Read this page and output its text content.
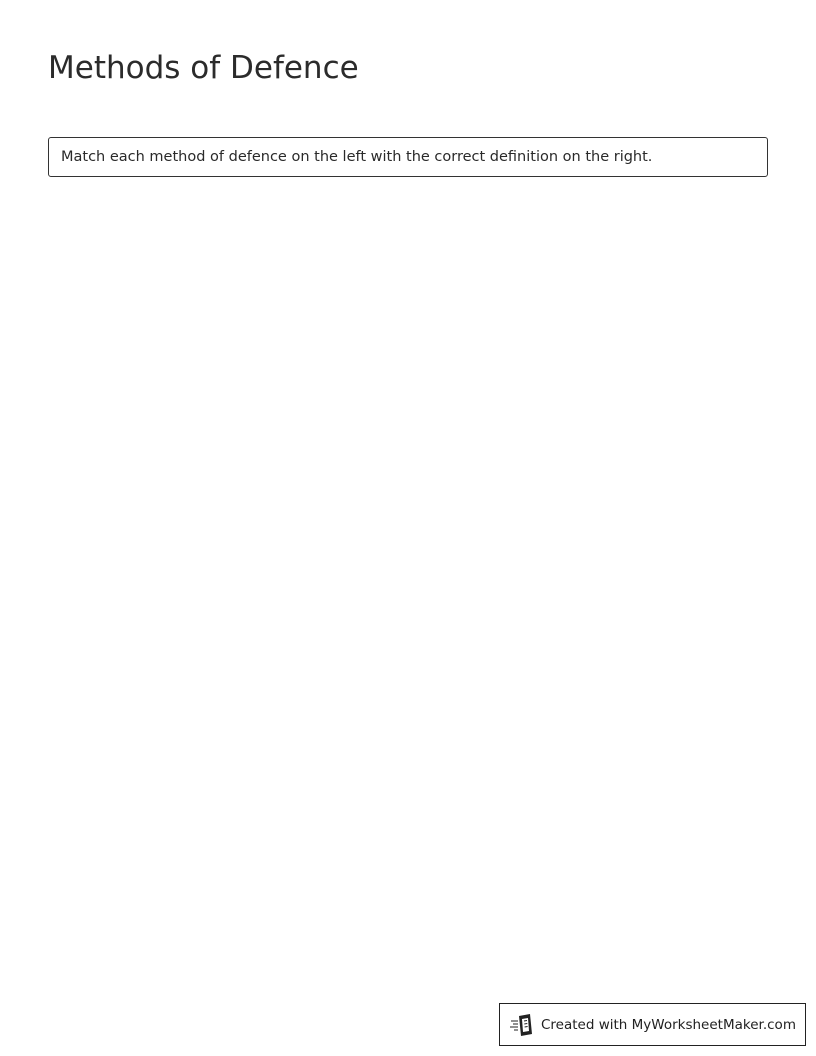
Methods of Defence
Match each method of defence on the left with the correct definition on the right.
Created with MyWorksheetMaker.com
